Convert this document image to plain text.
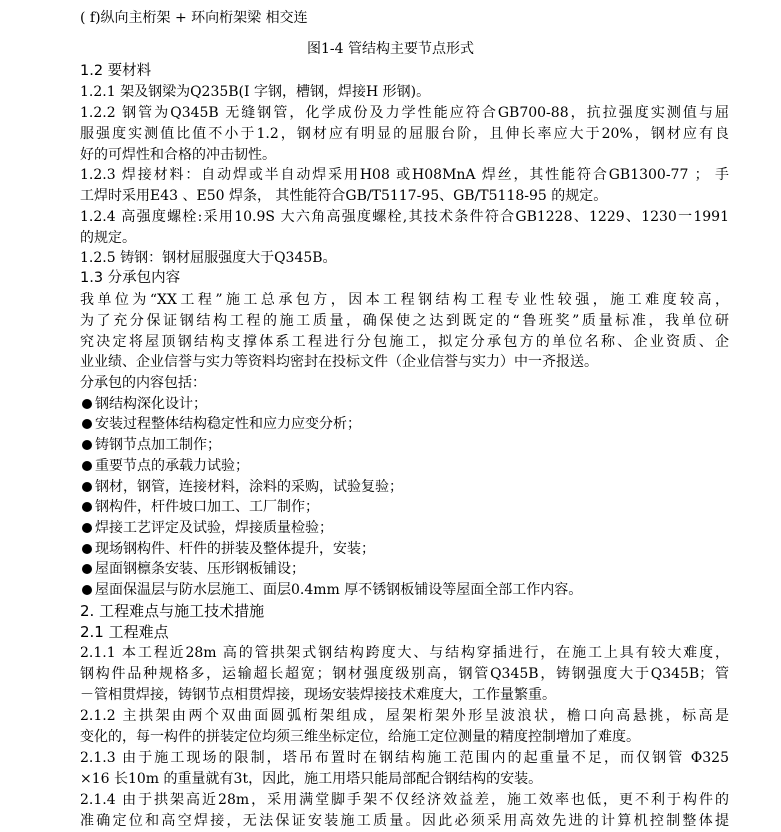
( f)纵向主桁架 + 环向桁架梁 相交连
图1-4 管结构主要节点形式
1.2 要材料
1.2.1 架及钢梁为Q235B(I 字钢，槽钢，焊接H 形钢)。
1.2.2 钢管为Q345B 无缝钢管，化学成份及力学性能应符合GB700-88，抗拉强度实测值与屈
服强度实测值比值不小于1.2，钢材应有明显的屈服台阶，且伸长率应大于20%，钢材应有良
好的可焊性和合格的冲击韧性。
1.2.3 焊接材料：自动焊或半自动焊采用H08 或H08MnA 焊丝，其性能符合GB1300-77 ； 手
工焊时采用E43 、E50 焊条， 其性能符合GB/T5117-95、GB/T5118-95 的规定。
1.2.4 高强度螺栓:采用10.9S 大六角高强度螺栓,其技术条件符合GB1228、1229、1230一1991
的规定。
1.2.5 铸钢：钢材屈服强度大于Q345B。
1.3 分承包内容
我单位为“XX工程”施工总承包方，因本工程钢结构工程专业性较强，施工难度较高，
为了充分保证钢结构工程的施工质量，确保使之达到既定的“鲁班奖”质量标准，我单位研
究决定将屋顶钢结构支撑体系工程进行分包施工，拟定分承包方的单位名称、企业资质、企
业业绩、企业信誉与实力等资料均密封在投标文件（企业信誉与实力）中一齐报送。
分承包的内容包括：
钢结构深化设计；
安装过程整体结构稳定性和应力应变分析；
铸钢节点加工制作；
重要节点的承载力试验；
钢材，钢管，连接材料，涂料的采购，试验复验；
钢构件，杆件坡口加工、工厂制作；
焊接工艺评定及试验，焊接质量检验；
现场钢构件、杆件的拼装及整体提升，安装；
屋面钢檩条安装、压形钢板铺设；
屋面保温层与防水层施工、面层0.4mm 厚不锈钢板铺设等屋面全部工作内容。
2. 工程难点与施工技术措施
2.1 工程难点
2.1.1 本工程近28m 高的管拱架式钢结构跨度大、与结构穿插进行，在施工上具有较大难度，
钢构件品种规格多，运输超长超宽；钢材强度级别高，钢管Q345B，铸钢强度大于Q345B；管
－管相贯焊接，铸钢节点相贯焊接，现场安装焊接技术难度大，工作量繁重。
2.1.2 主拱架由两个双曲面圆弧桁架组成，屋架桁架外形呈波浪状，檐口向高悬挑，标高是
变化的，每一构件的拼装定位均须三维坐标定位，给施工定位测量的精度控制增加了难度。
2.1.3 由于施工现场的限制，塔吊布置时在钢结构施工范围内的起重量不足，而仅钢管 Φ325
×16 长10m 的重量就有3t，因此，施工用塔只能局部配合钢结构的安装。
2.1.4 由于拱架高近28m，采用满堂脚手架不仅经济效益差，施工效率也低，更不利于构件的
准确定位和高空焊接，无法保证安装施工质量。因此必须采用高效先进的计算机控制整体提
